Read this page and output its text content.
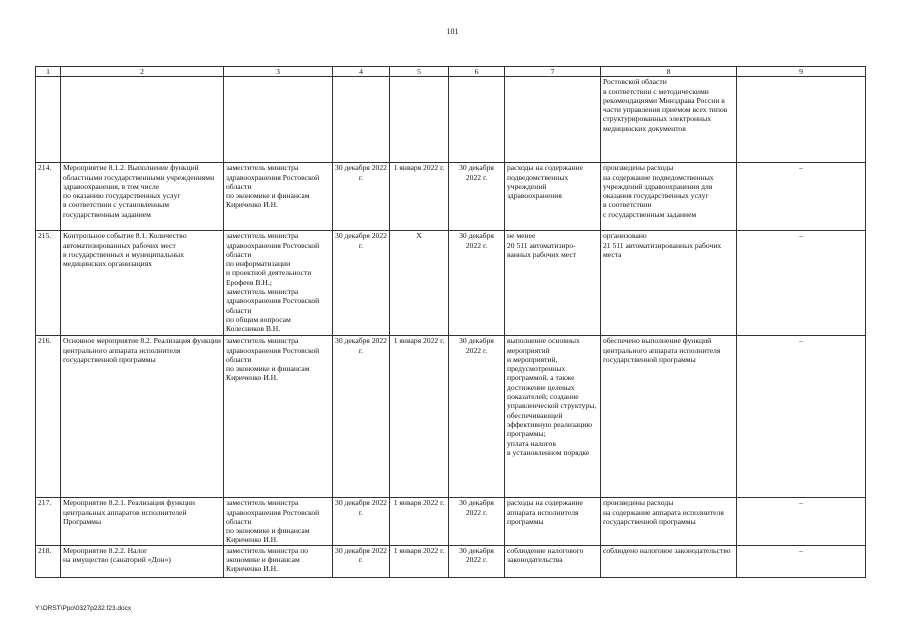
101
1	2	3	4	5	6	7	8	9
							Ростовской области
в соответствии с методическими рекомендациями Минздрава России в части управления приемом всех типов структурированных электронных медицинских документов	
214.	Мероприятие 8.1.2. Выполнение функций областными государственными учреждениями здравоохранения, в том числе
по оказанию государственных услуг
в соответствии с установленным государственным заданием	заместитель министра здравоохранения Ростовской области
по экономике и финансам Кириченко И.Н.	30 декабря 2022 г.	1 января 2022 г.	30 декабря 2022 г.	расходы на содержание подведомственных учреждений здравоохранения	произведены расходы
на содержание подведомственных учреждений здравоохранения для оказания государственных услуг
в соответствии
с государственным заданием	–
215.	Контрольное событие 8.1. Количество автоматизированных рабочих мест
в государственных и муниципальных медицинских организациях	заместитель министра здравоохранения Ростовской области
по информатизации
и проектной деятельности Ерофеев В.Н.;
заместитель министра здравоохранения Ростовской области
по общим вопросам Колесников В.Н.	30 декабря 2022 г.	Х	30 декабря 2022 г.	не менее
20 511 автоматизиро-ванных рабочих мест	организовано
21 511 автоматизированных рабочих места	–
216.	Основное мероприятие 8.2. Реализация функции центрального аппарата исполнителя государственной программы	заместитель министра здравоохранения Ростовской области
по экономике и финансам Кириченко И.Н.	30 декабря 2022 г.	1 января 2022 г.	30 декабря 2022 г.	выполнение основных мероприятий
и мероприятий, предусмотренных программой, а также достижение целевых показателей; создание управленческой структуры, обеспечивающей эффективную реализацию программы;
уплата налогов
в установленном порядке	обеспечено выполнение функций центрального аппарата исполнителя государственной программы	–
217.	Мероприятие 8.2.1. Реализация функции центральных аппаратов исполнителей Программы	заместитель министра здравоохранения Ростовской области
по экономике и финансам Кириченко И.Н.	30 декабря 2022 г.	1 января 2022 г.	30 декабря 2022 г.	расходы на содержание аппарата исполнителя программы	произведены расходы
на содержание аппарата исполнителя государственной программы	–
218.	Мероприятие 8.2.2. Налог
на имущество (санаторий «Дон»)	заместитель министра по экономике и финансам Кириченко И.Н.	30 декабря 2022 г.	1 января 2022 г.	30 декабря 2022 г.	соблюдение налогового законодательства	соблюдено налоговое законодательство	–
Y:\ORST\Ppo\0327p232.f23.docx
